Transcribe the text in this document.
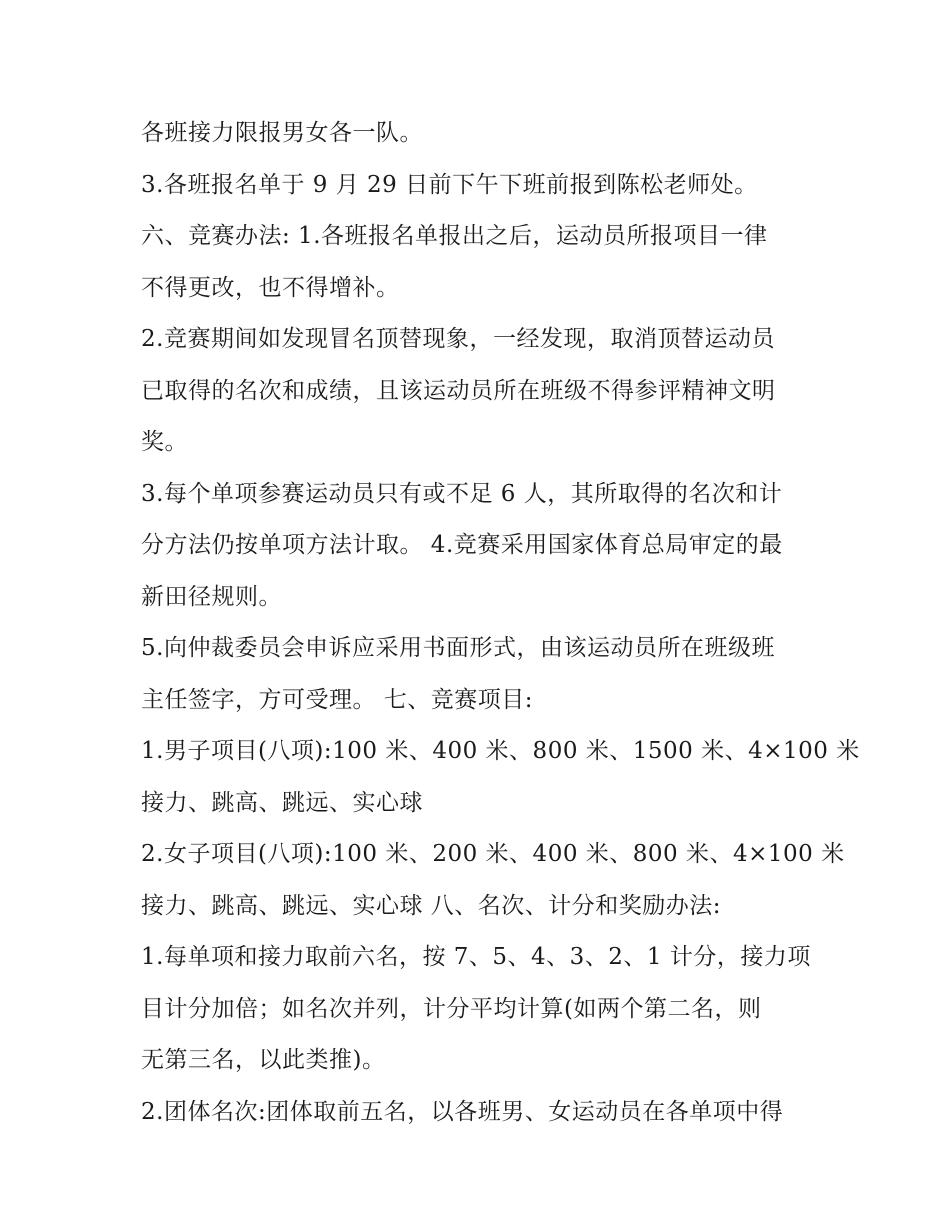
各班接力限报男女各一队。
3.各班报名单于 9 月 29 日前下午下班前报到陈松老师处。
六、竞赛办法: 1.各班报名单报出之后，运动员所报项目一律
不得更改，也不得增补。
2.竞赛期间如发现冒名顶替现象，一经发现，取消顶替运动员
已取得的名次和成绩，且该运动员所在班级不得参评精神文明
奖。
3.每个单项参赛运动员只有或不足 6 人，其所取得的名次和计
分方法仍按单项方法计取。 4.竞赛采用国家体育总局审定的最
新田径规则。
5.向仲裁委员会申诉应采用书面形式，由该运动员所在班级班
主任签字，方可受理。 七、竞赛项目:
1.男子项目(八项):100 米、400 米、800 米、1500 米、4×100 米
接力、跳高、跳远、实心球
2.女子项目(八项):100 米、200 米、400 米、800 米、4×100 米
接力、跳高、跳远、实心球 八、名次、计分和奖励办法:
1.每单项和接力取前六名，按 7、5、4、3、2、1 计分，接力项
目计分加倍；如名次并列，计分平均计算(如两个第二名，则
无第三名，以此类推)。
2.团体名次:团体取前五名，以各班男、女运动员在各单项中得
